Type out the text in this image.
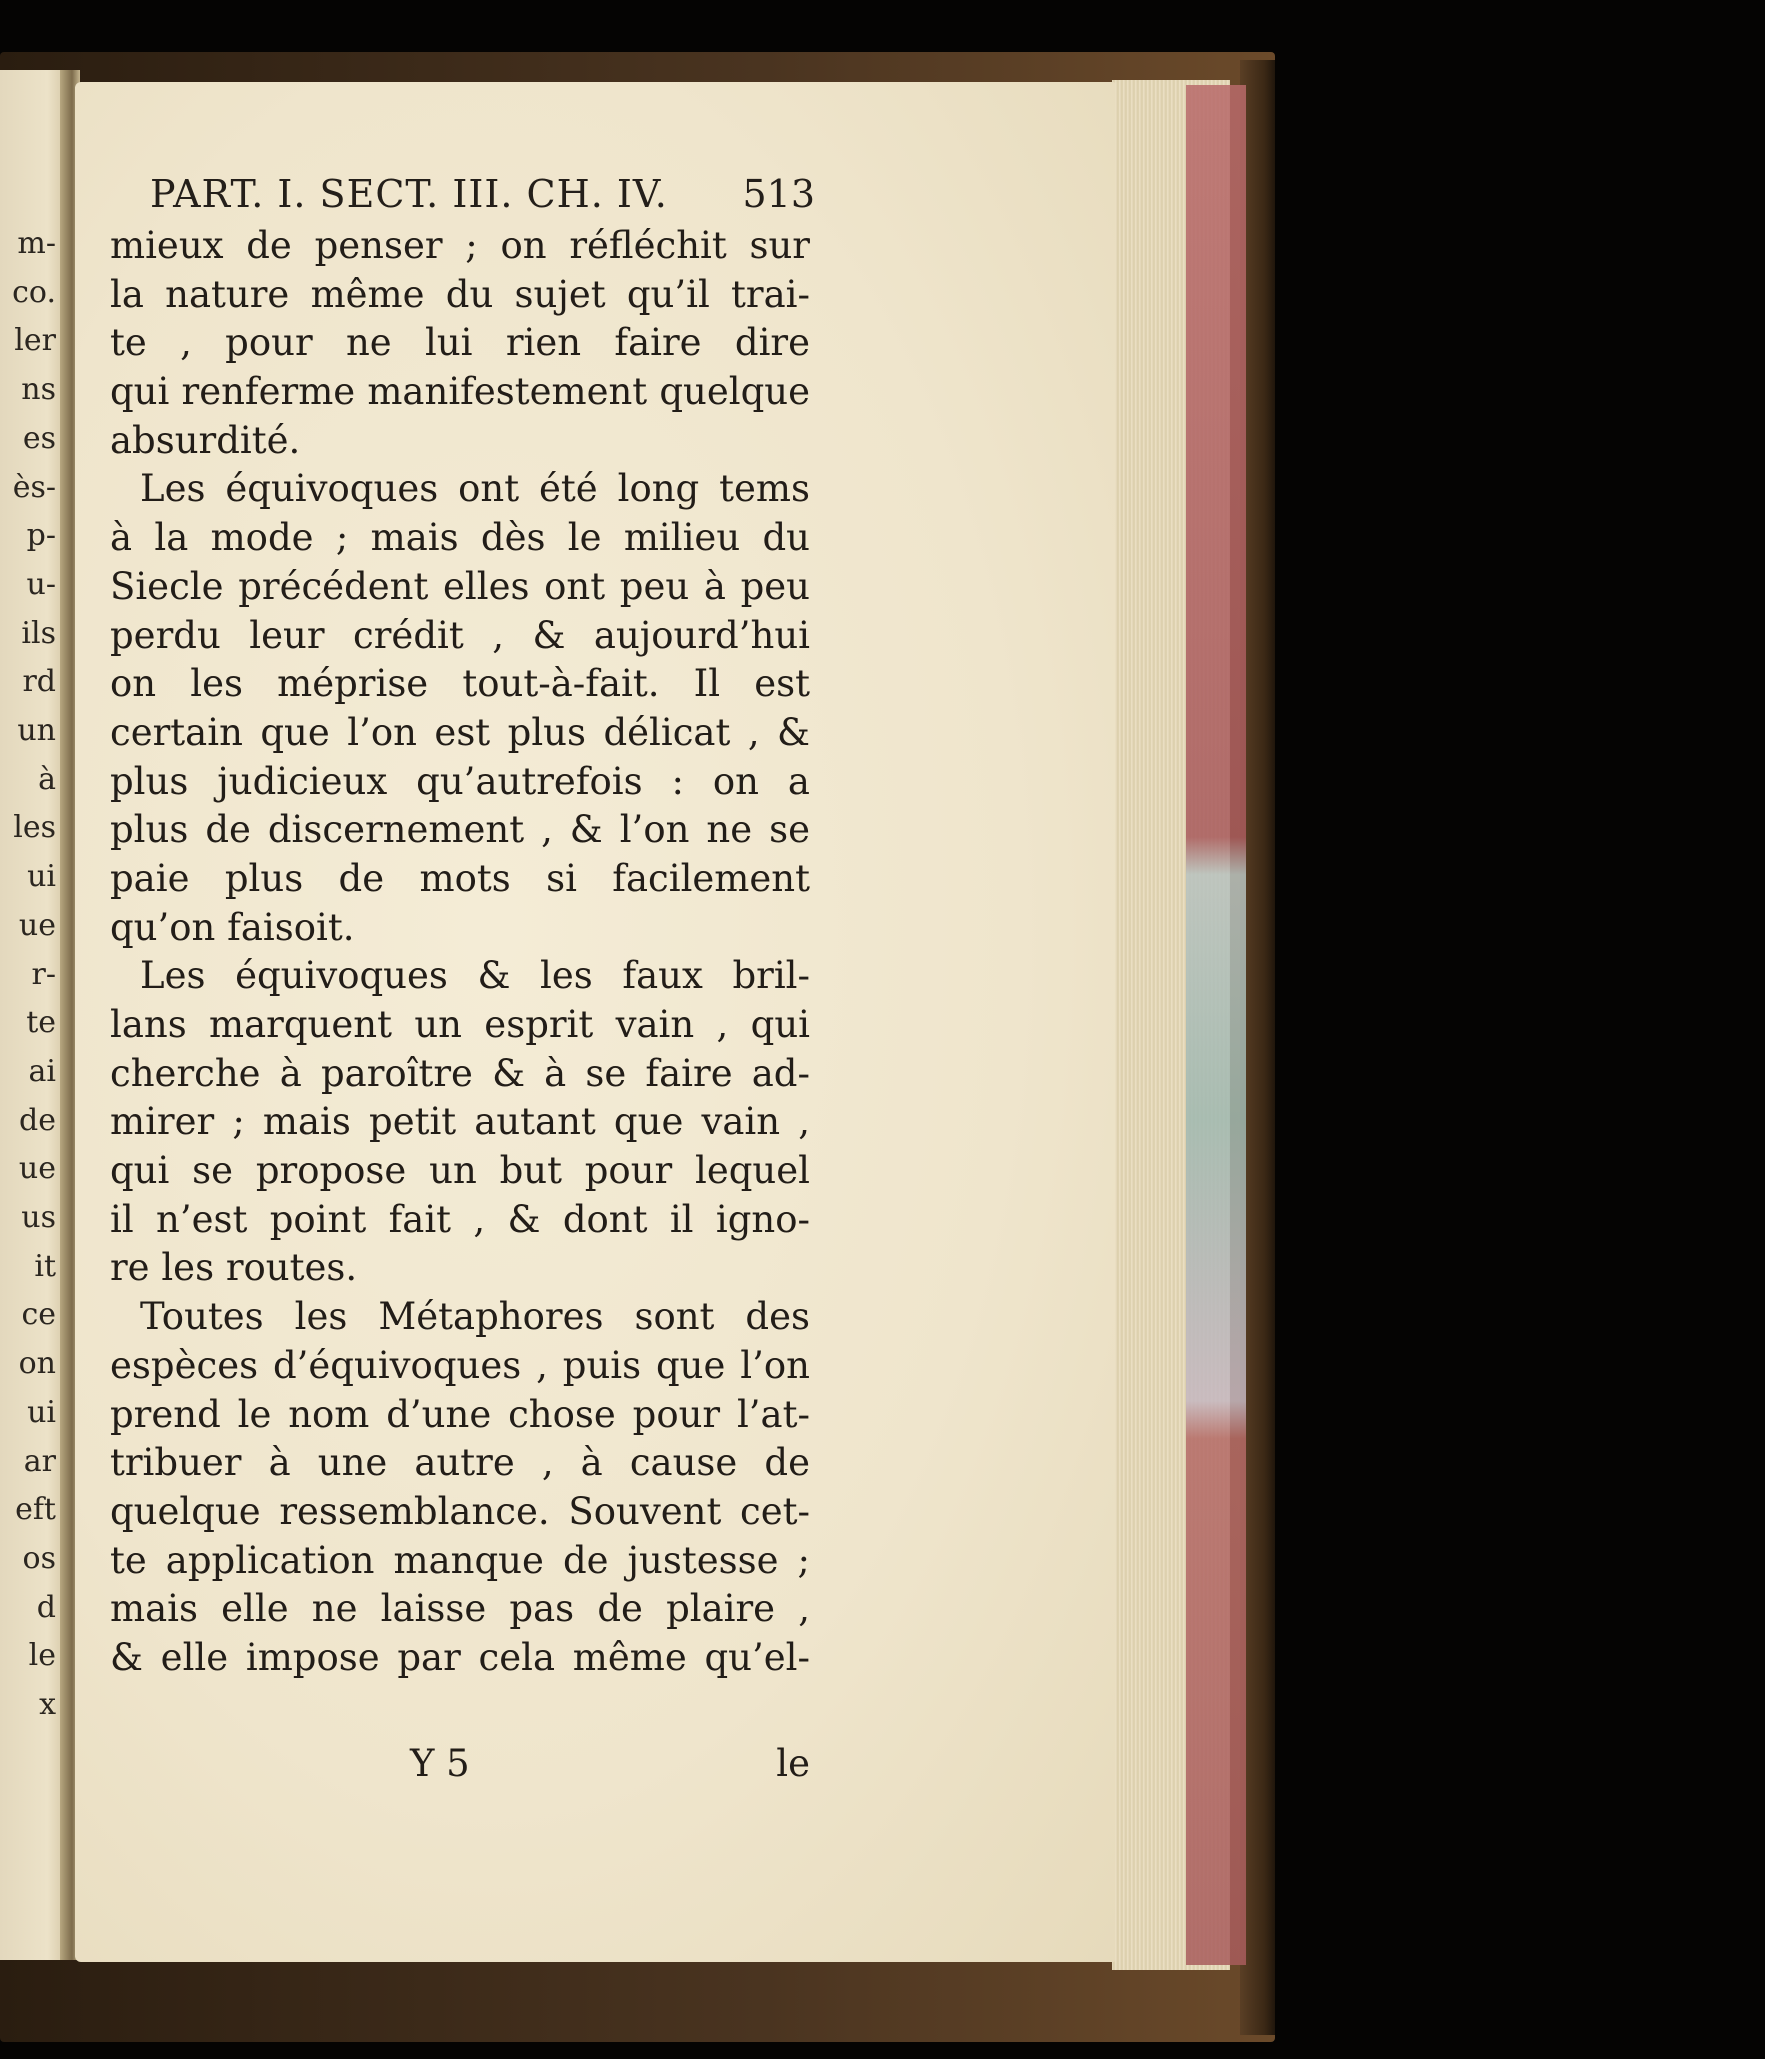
m-
co.
ler
ns
es
ès-
p-
u-
ils
rd
un
à
les
ui
ue
r-
te
ai
de
ue
us
it
ce
on
ui
ar
eft
os
d
le
x
PART. I. SECT. III. CH. IV. 513
mieux de penser ; on réfléchit sur
la nature même du sujet qu’il trai-
te , pour ne lui rien faire dire
qui renferme manifestement quelque
absurdité.
Les équivoques ont été long tems
à la mode ; mais dès le milieu du
Siecle précédent elles ont peu à peu
perdu leur crédit , & aujourd’hui
on les méprise tout-à-fait. Il est
certain que l’on est plus délicat , &
plus judicieux qu’autrefois : on a
plus de discernement , & l’on ne se
paie plus de mots si facilement
qu’on faisoit.
Les équivoques & les faux bril-
lans marquent un esprit vain , qui
cherche à paroître & à se faire ad-
mirer ; mais petit autant que vain ,
qui se propose un but pour lequel
il n’est point fait , & dont il igno-
re les routes.
Toutes les Métaphores sont des
espèces d’équivoques , puis que l’on
prend le nom d’une chose pour l’at-
tribuer à une autre , à cause de
quelque ressemblance. Souvent cet-
te application manque de justesse ;
mais elle ne laisse pas de plaire ,
& elle impose par cela même qu’el-
Y 5	le
